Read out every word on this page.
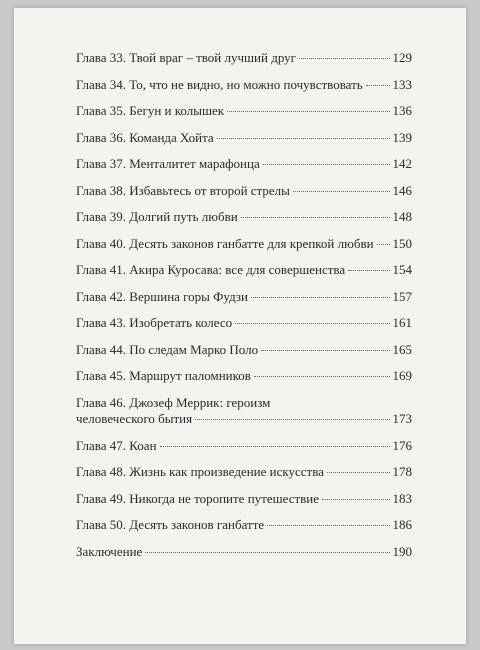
Глава 33. Твой враг – твой лучший друг	129
Глава 34. То, что не видно, но можно почувствовать 133
Глава 35. Бегун и колышек	136
Глава 36. Команда Хойта	139
Глава 37. Менталитет марафонца	142
Глава 38. Избавьтесь от второй стрелы	146
Глава 39. Долгий путь любви	148
Глава 40. Десять законов ганбатте для крепкой любви 150
Глава 41. Акира Куросава: все для совершенства	154
Глава 42. Вершина горы Фудзи	157
Глава 43. Изобретать колесо	161
Глава 44. По следам Марко Поло	165
Глава 45. Маршрут паломников	169
Глава 46. Джозеф Меррик: героизм
человеческого бытия	173
Глава 47. Коан	176
Глава 48. Жизнь как произведение искусства	178
Глава 49. Никогда не торопите путешествие	183
Глава 50. Десять законов ганбатте	186
Заключение	190
